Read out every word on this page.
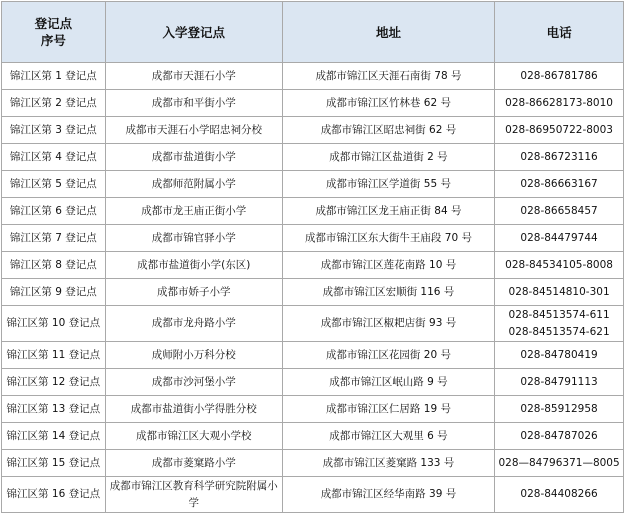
登记点
序号	入学登记点	地址	电话
锦江区第 1 登记点	成都市天涯石小学	成都市锦江区天涯石南街 78 号	028-86781786
锦江区第 2 登记点	成都市和平街小学	成都市锦江区竹林巷 62 号	028-86628173-8010
锦江区第 3 登记点	成都市天涯石小学昭忠祠分校	成都市锦江区昭忠祠街 62 号	028-86950722-8003
锦江区第 4 登记点	成都市盐道街小学	成都市锦江区盐道街 2 号	028-86723116
锦江区第 5 登记点	成都师范附属小学	成都市锦江区学道街 55 号	028-86663167
锦江区第 6 登记点	成都市龙王庙正街小学	成都市锦江区龙王庙正街 84 号	028-86658457
锦江区第 7 登记点	成都市锦官驿小学	成都市锦江区东大街牛王庙段 70 号	028-84479744
锦江区第 8 登记点	成都市盐道街小学(东区)	成都市锦江区莲花南路 10 号	028-84534105-8008
锦江区第 9 登记点	成都市娇子小学	成都市锦江区宏顺街 116 号	028-84514810-301
锦江区第 10 登记点	成都市龙舟路小学	成都市锦江区椒耙店街 93 号	028-84513574-611
028-84513574-621

锦江区第 11 登记点	成师附小万科分校	成都市锦江区花园街 20 号	028-84780419
锦江区第 12 登记点	成都市沙河堡小学	成都市锦江区岷山路 9 号	028-84791113
锦江区第 13 登记点	成都市盐道街小学得胜分校	成都市锦江区仁居路 19 号	028-85912958
锦江区第 14 登记点	成都市锦江区大观小学校	成都市锦江区大观里 6 号	028-84787026
锦江区第 15 登记点	成都市菱窠路小学	成都市锦江区菱窠路 133 号	028—84796371—8005
锦江区第 16 登记点	成都市锦江区教育科学研究院附属小学	成都市锦江区经华南路 39 号	028-84408266
